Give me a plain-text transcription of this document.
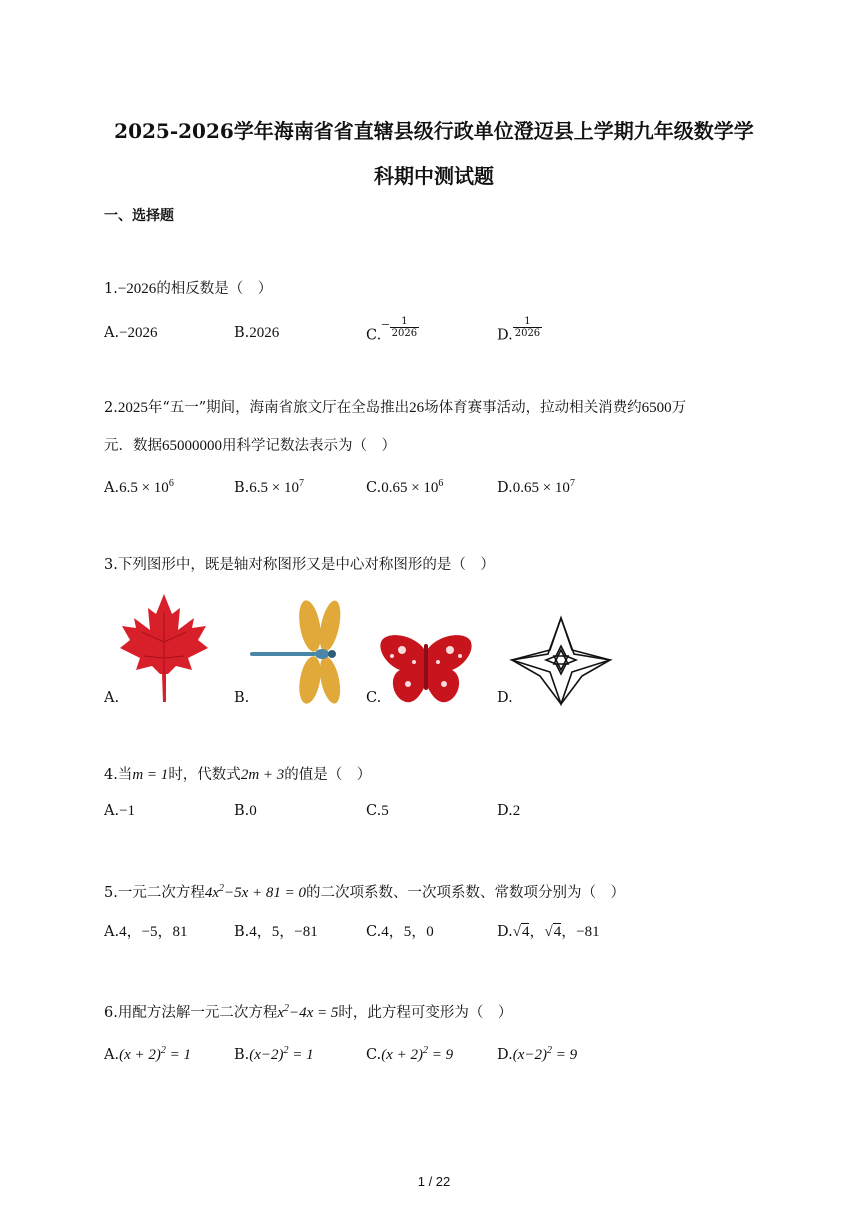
2025-2026学年海南省省直辖县级行政单位澄迈县上学期九年级数学学
科期中测试题
一、选择题
1.−2026的相反数是（　）
A.−2026	B.2026	$C.- \frac{1}{2026}$	D. $\frac{1}{2026}$
2.2025年“五一”期间，海南省旅文厅在全岛推出26场体育赛事活动，拉动相关消费约6500万
元．数据65000000用科学记数法表示为（　）
$A.6.5 \times 10^6$	$B.6.5 \times 10^7$	$C.0.65 \times 10^6$	$D.0.65 \times 10^7$
3.下列图形中，既是轴对称图形又是中心对称图形的是（　）
A.	B.	C.	D.
4.当m = 1时，代数式2m + 3的值是（　）
A.−1	B.0	C.5	D.2
5.一元二次方程$4x^2-5x + 81 = 0$的二次项系数、一次项系数、常数项分别为（　）
A.4，−5，81	B.4，5，−81	C.4，5，0	D.√4，√4，−81
6.用配方法解一元二次方程$x^2-4x = 5$时，此方程可变形为（　）
$A.(x + 2)^2 = 1$	$B.(x-2)^2 = 1$	$C.(x + 2)^2 = 9$	$D.(x-2)^2 = 9$
1 / 22
